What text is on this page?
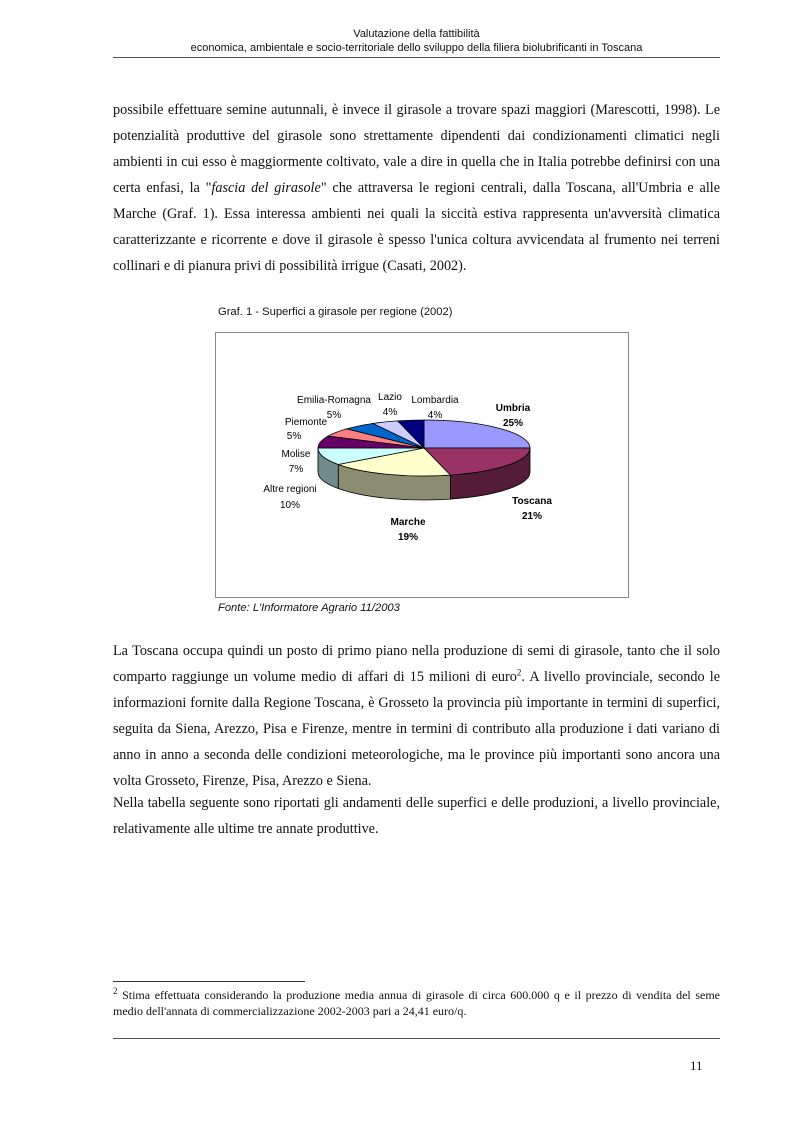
Valutazione della fattibilità
economica, ambientale e socio-territoriale dello sviluppo della filiera biolubrificanti in Toscana

possibile effettuare semine autunnali, è invece il girasole a trovare spazi maggiori (Marescotti, 1998). Le potenzialità produttive del girasole sono strettamente dipendenti dai condizionamenti climatici negli ambienti in cui esso è maggiormente coltivato, vale a dire in quella che in Italia potrebbe definirsi con una certa enfasi, la "fascia del girasole" che attraversa le regioni centrali, dalla Toscana, all'Umbria e alle Marche (Graf. 1). Essa interessa ambienti nei quali la siccità estiva rappresenta un'avversità climatica caratterizzante e ricorrente e dove il girasole è spesso l'unica coltura avvicendata al frumento nei terreni collinari e di pianura privi di possibilità irrigue (Casati, 2002).

Graf. 1 - Superfici a girasole per regione (2002)
Umbria
25%
Toscana
21%
Marche
19%
Altre regioni
10%
Molise
7%
Piemonte
5%
Emilia-Romagna
5%
Lazio
4%
Lombardia
4%
Fonte: L'Informatore Agrario 11/2003

La Toscana occupa quindi un posto di primo piano nella produzione di semi di girasole, tanto che il solo comparto raggiunge un volume medio di affari di 15 milioni di euro$^2$. A livello provinciale, secondo le informazioni fornite dalla Regione Toscana, è Grosseto la provincia più importante in termini di superfici, seguita da Siena, Arezzo, Pisa e Firenze, mentre in termini di contributo alla produzione i dati variano di anno in anno a seconda delle condizioni meteorologiche, ma le province più importanti sono ancora una volta Grosseto, Firenze, Pisa, Arezzo e Siena.

Nella tabella seguente sono riportati gli andamenti delle superfici e delle produzioni, a livello provinciale, relativamente alle ultime tre annate produttive.

$^2$ Stima effettuata considerando la produzione media annua di girasole di circa 600.000 q e il prezzo di vendita del seme medio dell'annata di commercializzazione 2002-2003 pari a 24,41 euro/q.

11
